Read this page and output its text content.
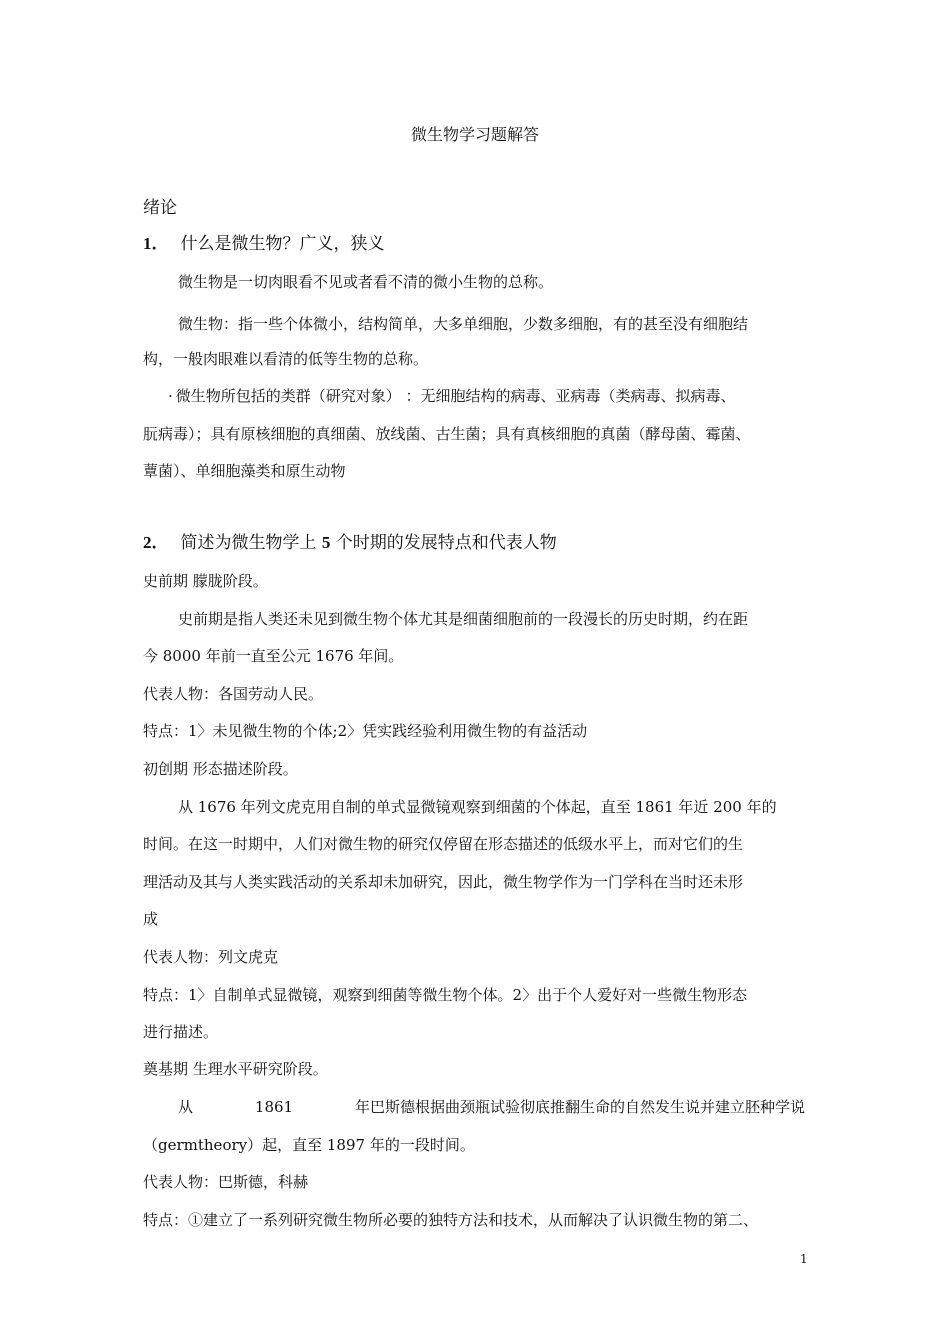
微生物学习题解答
绪论
1． 什么是微生物？广义，狭义
微生物是一切肉眼看不见或者看不清的微小生物的总称。
微生物：指一些个体微小，结构简单，大多单细胞，少数多细胞，有的甚至没有细胞结
构，一般肉眼难以看清的低等生物的总称。
· 微生物所包括的类群（研究对象） ：无细胞结构的病毒、亚病毒（类病毒、拟病毒、
朊病毒）；具有原核细胞的真细菌、放线菌、古生菌；具有真核细胞的真菌（酵母菌、霉菌、
蕈菌）、单细胞藻类和原生动物
2． 简述为微生物学上 5 个时期的发展特点和代表人物
史前期 朦胧阶段。
史前期是指人类还未见到微生物个体尤其是细菌细胞前的一段漫长的历史时期，约在距
今 8000 年前一直至公元 1676 年间。
代表人物：各国劳动人民。
特点：1〉未见微生物的个体;2〉凭实践经验利用微生物的有益活动
初创期 形态描述阶段。
从 1676 年列文虎克用自制的单式显微镜观察到细菌的个体起，直至 1861 年近 200 年的
时间。在这一时期中，人们对微生物的研究仅停留在形态描述的低级水平上，而对它们的生
理活动及其与人类实践活动的关系却未加研究，因此，微生物学作为一门学科在当时还未形
成
代表人物：列文虎克
特点：1〉自制单式显微镜，观察到细菌等微生物个体。2〉出于个人爱好对一些微生物形态
进行描述。
奠基期 生理水平研究阶段。
从	1861	年巴斯德根据曲颈瓶试验彻底推翻生命的自然发生说并建立胚种学说
（germtheory）起，直至 1897 年的一段时间。
代表人物：巴斯德，科赫
特点：①建立了一系列研究微生物所必要的独特方法和技术，从而解决了认识微生物的第二、
1
